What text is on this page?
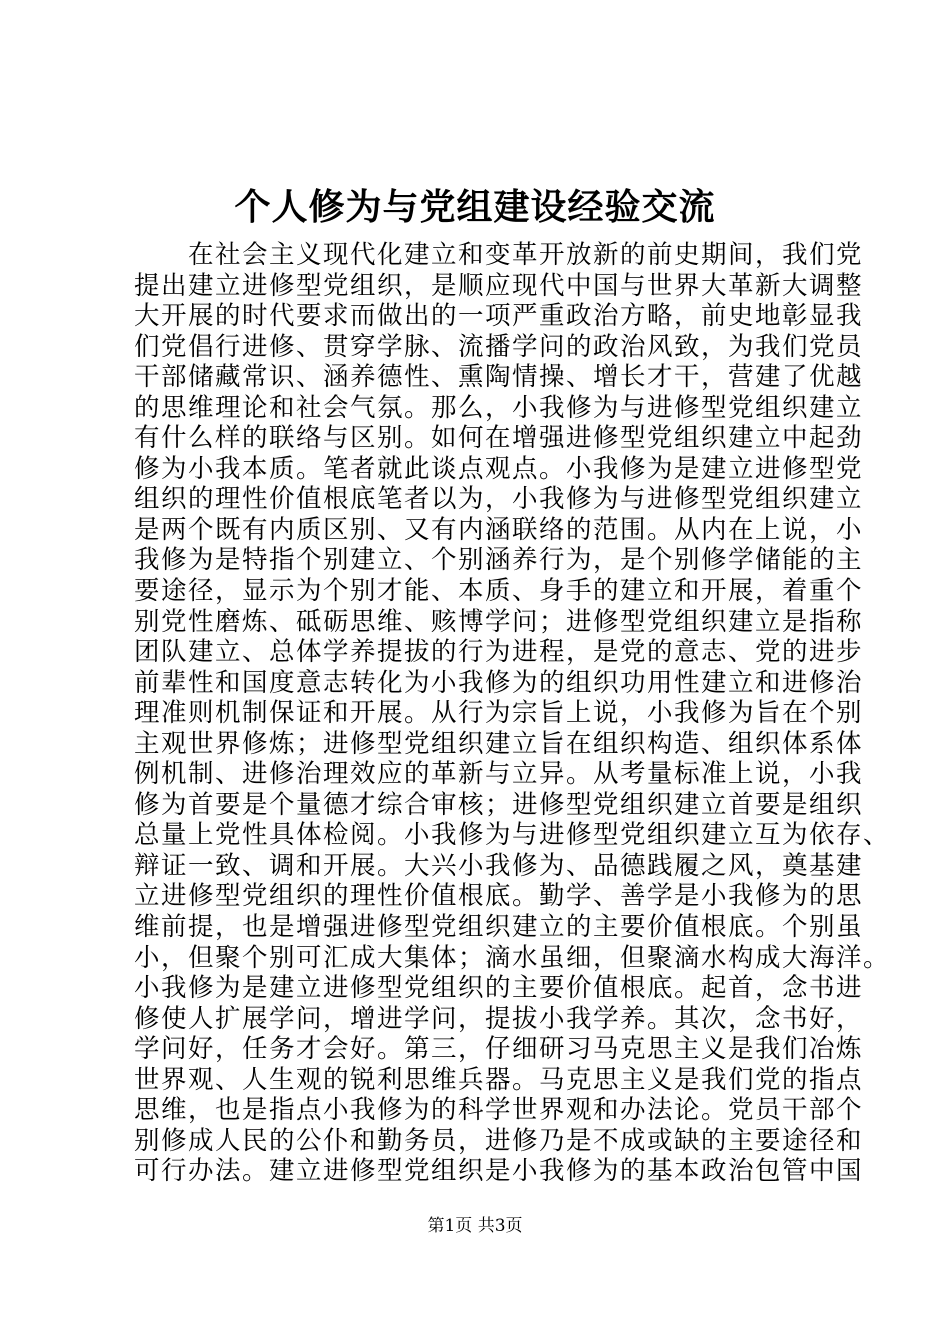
个人修为与党组建设经验交流
　　在社会主义现代化建立和变革开放新的前史期间，我们党
提出建立进修型党组织，是顺应现代中国与世界大革新大调整
大开展的时代要求而做出的一项严重政治方略，前史地彰显我
们党倡行进修、贯穿学脉、流播学问的政治风致，为我们党员
干部储藏常识、涵养德性、熏陶情操、增长才干，营建了优越
的思维理论和社会气氛。那么，小我修为与进修型党组织建立
有什么样的联络与区别。如何在增强进修型党组织建立中起劲
修为小我本质。笔者就此谈点观点。小我修为是建立进修型党
组织的理性价值根底笔者以为，小我修为与进修型党组织建立
是两个既有内质区别、又有内涵联络的范围。从内在上说，小
我修为是特指个别建立、个别涵养行为，是个别修学储能的主
要途径，显示为个别才能、本质、身手的建立和开展，着重个
别党性磨炼、砥砺思维、赅博学问；进修型党组织建立是指称
团队建立、总体学养提拔的行为进程，是党的意志、党的进步
前辈性和国度意志转化为小我修为的组织功用性建立和进修治
理准则机制保证和开展。从行为宗旨上说，小我修为旨在个别
主观世界修炼；进修型党组织建立旨在组织构造、组织体系体
例机制、进修治理效应的革新与立异。从考量标准上说，小我
修为首要是个量德才综合审核；进修型党组织建立首要是组织
总量上党性具体检阅。小我修为与进修型党组织建立互为依存、
辩证一致、调和开展。大兴小我修为、品德践履之风，奠基建
立进修型党组织的理性价值根底。勤学、善学是小我修为的思
维前提，也是增强进修型党组织建立的主要价值根底。个别虽
小，但聚个别可汇成大集体；滴水虽细，但聚滴水构成大海洋。
小我修为是建立进修型党组织的主要价值根底。起首，念书进
修使人扩展学问，增进学问，提拔小我学养。其次，念书好，
学问好，任务才会好。第三，仔细研习马克思主义是我们冶炼
世界观、人生观的锐利思维兵器。马克思主义是我们党的指点
思维，也是指点小我修为的科学世界观和办法论。党员干部个
别修成人民的公仆和勤务员，进修乃是不成或缺的主要途径和
可行办法。建立进修型党组织是小我修为的基本政治包管中国
第1页 共3页
